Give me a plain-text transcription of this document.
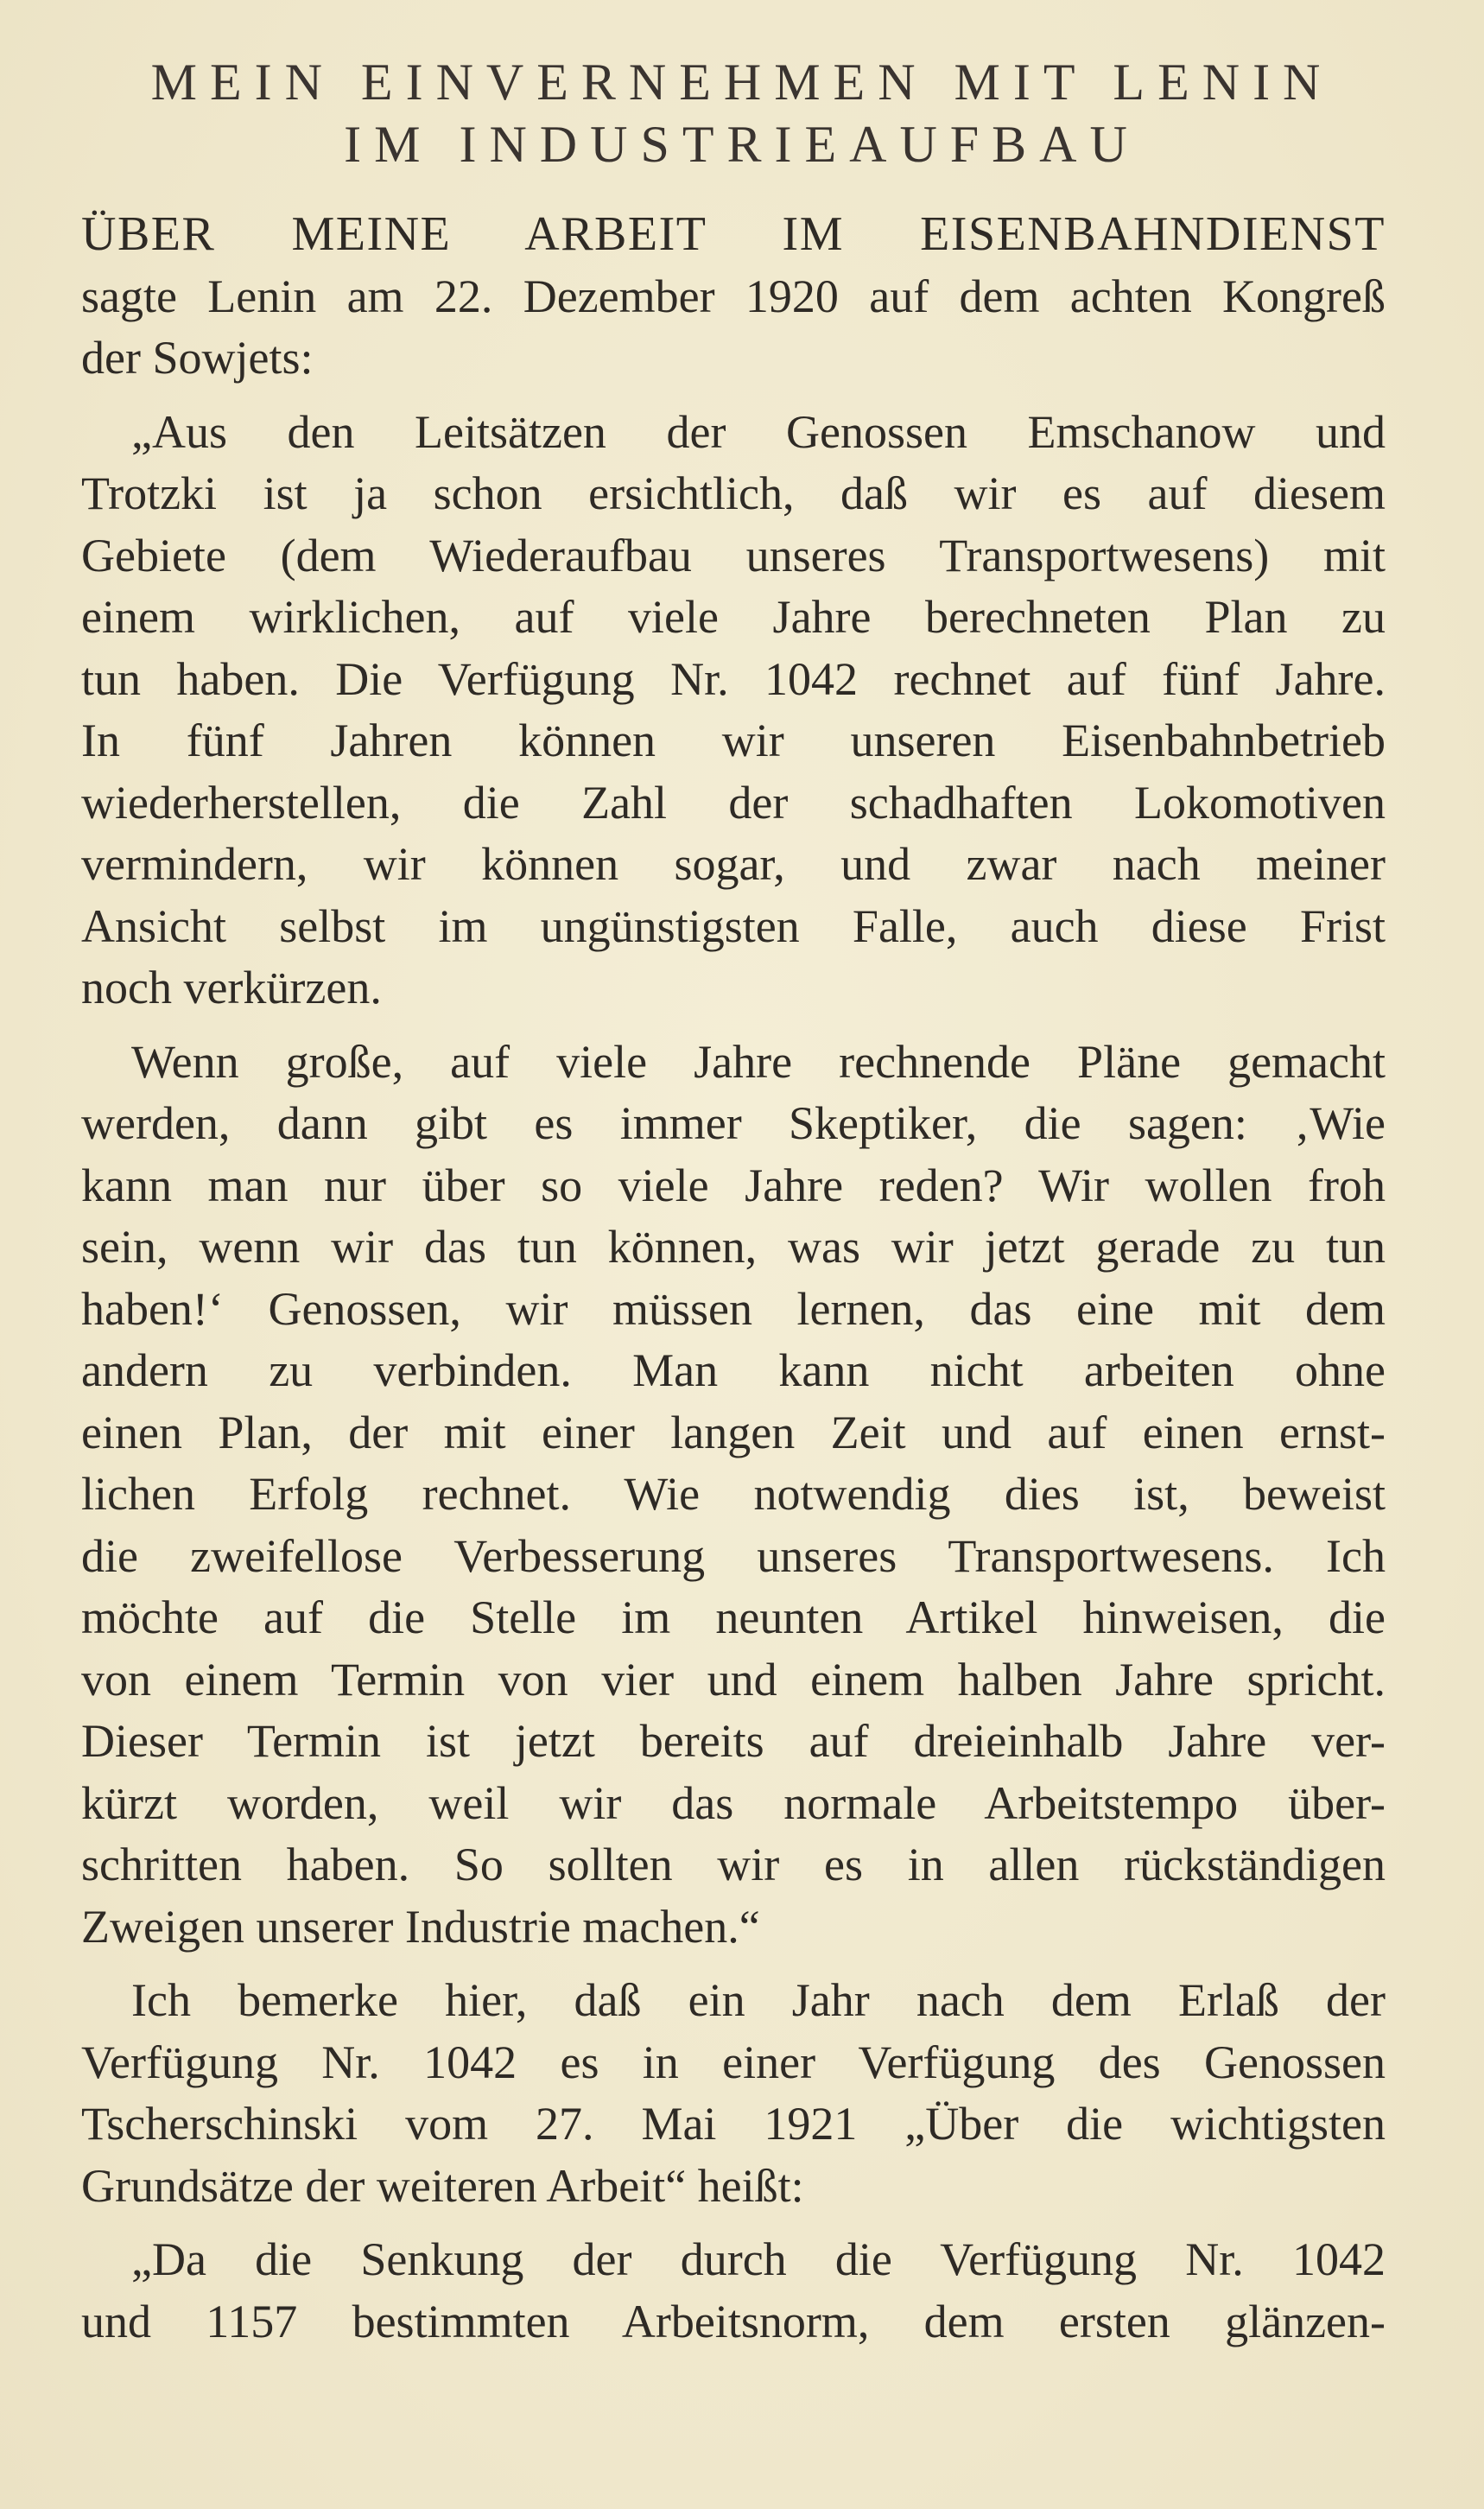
MEIN EINVERNEHMEN MIT LENIN
IM INDUSTRIEAUFBAU
ÜBER MEINE ARBEIT IM EISENBAHNDIENST
sagte Lenin am 22. Dezember 1920 auf dem achten Kongreß
der Sowjets:
„Aus den Leitsätzen der Genossen Emschanow und
Trotzki ist ja schon ersichtlich, daß wir es auf diesem
Gebiete (dem Wiederaufbau unseres Transportwesens) mit
einem wirklichen, auf viele Jahre berechneten Plan zu
tun haben. Die Verfügung Nr. 1042 rechnet auf fünf Jahre.
In fünf Jahren können wir unseren Eisenbahnbetrieb
wiederherstellen, die Zahl der schadhaften Lokomotiven
vermindern, wir können sogar, und zwar nach meiner
Ansicht selbst im ungünstigsten Falle, auch diese Frist
noch verkürzen.
Wenn große, auf viele Jahre rechnende Pläne gemacht
werden, dann gibt es immer Skeptiker, die sagen: ‚Wie
kann man nur über so viele Jahre reden? Wir wollen froh
sein, wenn wir das tun können, was wir jetzt gerade zu tun
haben!‘ Genossen, wir müssen lernen, das eine mit dem
andern zu verbinden. Man kann nicht arbeiten ohne
einen Plan, der mit einer langen Zeit und auf einen ernst-
lichen Erfolg rechnet. Wie notwendig dies ist, beweist
die zweifellose Verbesserung unseres Transportwesens. Ich
möchte auf die Stelle im neunten Artikel hinweisen, die
von einem Termin von vier und einem halben Jahre spricht.
Dieser Termin ist jetzt bereits auf dreieinhalb Jahre ver-
kürzt worden, weil wir das normale Arbeitstempo über-
schritten haben. So sollten wir es in allen rückständigen
Zweigen unserer Industrie machen.“
Ich bemerke hier, daß ein Jahr nach dem Erlaß der
Verfügung Nr. 1042 es in einer Verfügung des Genossen
Tscherschinski vom 27. Mai 1921 „Über die wichtigsten
Grundsätze der weiteren Arbeit“ heißt:
„Da die Senkung der durch die Verfügung Nr. 1042
und 1157 bestimmten Arbeitsnorm, dem ersten glänzen-
